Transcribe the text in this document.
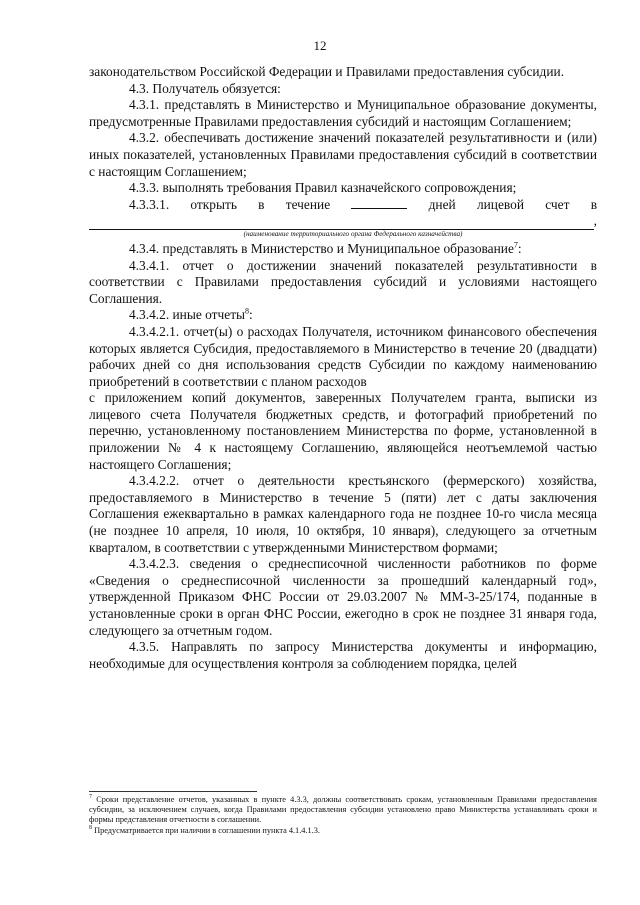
12

законодательством Российской Федерации и Правилами предоставления субсидии.

4.3. Получатель обязуется:

4.3.1. представлять в Министерство и Муниципальное образование документы, предусмотренные Правилами предоставления субсидий и настоящим Соглашением;

4.3.2. обеспечивать достижение значений показателей результативности и (или) иных показателей, установленных Правилами предоставления субсидий в соответствии с настоящим Соглашением;

4.3.3. выполнять требования Правил казначейского сопровождения;

4.3.3.1. открыть в течение	дней лицевой счет в

,

(наименование территориального органа Федерального казначейства)

4.3.4. представлять в Министерство и Муниципальное образование$^7$:

4.3.4.1. отчет о достижении значений показателей результативности в соответствии с Правилами предоставления субсидий и условиями настоящего Соглашения.

4.3.4.2. иные отчеты$^8$:

4.3.4.2.1. отчет(ы) о расходах Получателя, источником финансового обеспечения которых является Субсидия, предоставляемого в Министерство в течение 20 (двадцати) рабочих дней со дня использования средств Субсидии по каждому наименованию приобретений в соответствии с планом расходов

с приложением копий документов, заверенных Получателем гранта, выписки из лицевого счета Получателя бюджетных средств, и фотографий приобретений по перечню, установленному постановлением Министерства по форме, установленной в приложении № 4 к настоящему Соглашению, являющейся неотъемлемой частью настоящего Соглашения;

4.3.4.2.2. отчет о деятельности крестьянского (фермерского) хозяйства, предоставляемого в Министерство в течение 5 (пяти) лет с даты заключения Соглашения ежеквартально в рамках календарного года не позднее 10-го числа месяца (не позднее 10 апреля, 10 июля, 10 октября, 10 января), следующего за отчетным кварталом, в соответствии с утвержденными Министерством формами;

4.3.4.2.3. сведения о среднесписочной численности работников по форме «Сведения о среднесписочной численности за прошедший календарный год», утвержденной Приказом ФНС России от 29.03.2007 № ММ-3-25/174, поданные в установленные сроки в орган ФНС России, ежегодно в срок не позднее 31 января года, следующего за отчетным годом.

4.3.5. Направлять по запросу Министерства документы и информацию, необходимые для осуществления контроля за соблюдением порядка, целей

$^7$ Сроки представление отчетов, указанных в пункте 4.3.3, должны соответствовать срокам, установленным Правилами предоставления субсидии, за исключением случаев, когда Правилами предоставления субсидии установлено право Министерства устанавливать сроки и формы представления отчетности в соглашении.

$^8$ Предусматривается при наличии в соглашении пункта 4.1.4.1.3.
